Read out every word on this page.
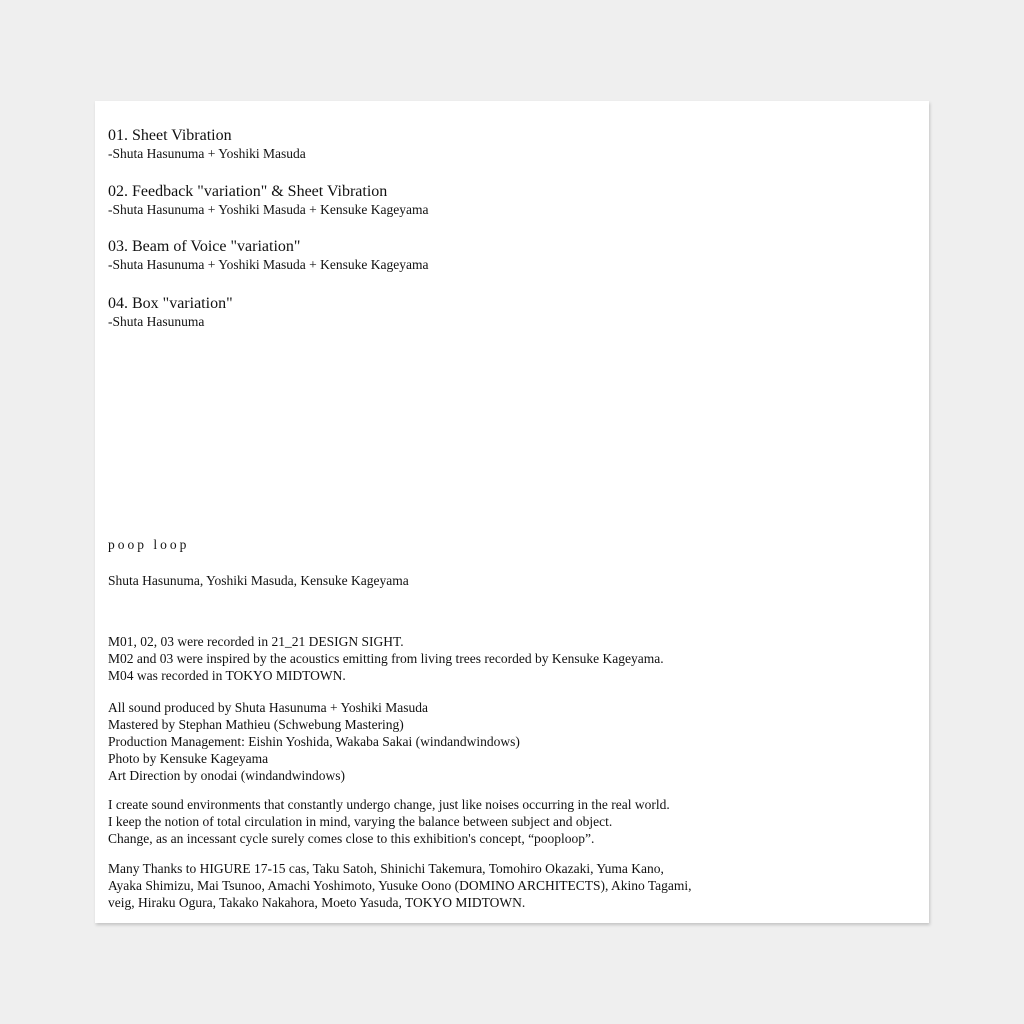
01. Sheet Vibration
-Shuta Hasunuma + Yoshiki Masuda
02. Feedback "variation" & Sheet Vibration
-Shuta Hasunuma + Yoshiki Masuda + Kensuke Kageyama
03. Beam of Voice "variation"
-Shuta Hasunuma + Yoshiki Masuda + Kensuke Kageyama
04. Box "variation"
-Shuta Hasunuma
poop loop
Shuta Hasunuma, Yoshiki Masuda, Kensuke Kageyama
M01, 02, 03 were recorded in 21_21 DESIGN SIGHT.
M02 and 03 were inspired by the acoustics emitting from living trees recorded by Kensuke Kageyama.
M04 was recorded in TOKYO MIDTOWN.
All sound produced by Shuta Hasunuma + Yoshiki Masuda
Mastered by Stephan Mathieu (Schwebung Mastering)
Production Management: Eishin Yoshida, Wakaba Sakai (windandwindows)
Photo by Kensuke Kageyama
Art Direction by onodai (windandwindows)
I create sound environments that constantly undergo change, just like noises occurring in the real world.
I keep the notion of total circulation in mind, varying the balance between subject and object.
Change, as an incessant cycle surely comes close to this exhibition's concept, “pooploop”.
Many Thanks to HIGURE 17-15 cas, Taku Satoh, Shinichi Takemura, Tomohiro Okazaki, Yuma Kano,
Ayaka Shimizu, Mai Tsunoo, Amachi Yoshimoto, Yusuke Oono (DOMINO ARCHITECTS), Akino Tagami,
veig, Hiraku Ogura, Takako Nakahora, Moeto Yasuda, TOKYO MIDTOWN.
